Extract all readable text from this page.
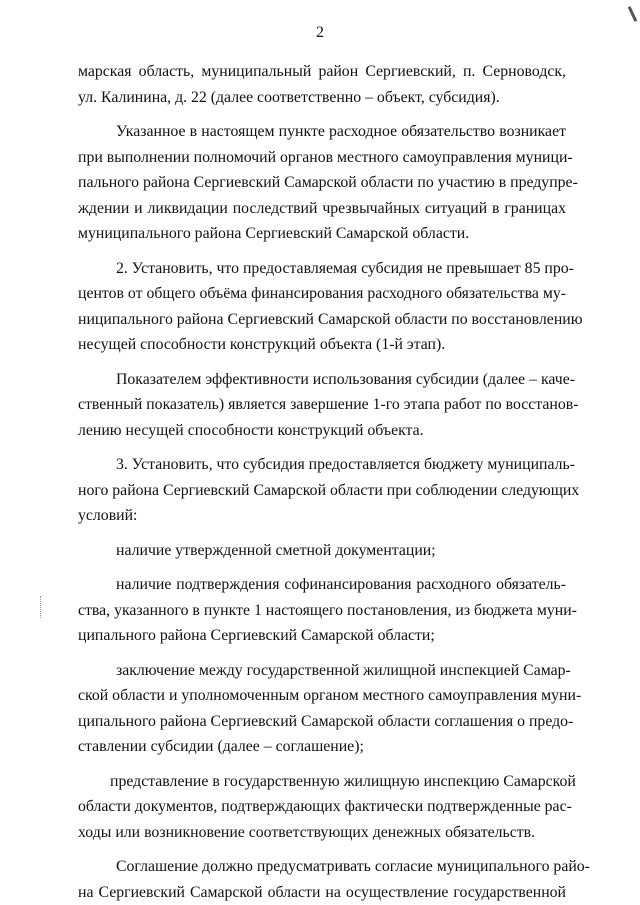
2
марская область, муниципальный район Сергиевский, п. Серноводск,
ул. Калинина, д. 22 (далее соответственно – объект, субсидия).
Указанное в настоящем пункте расходное обязательство возникает
при выполнении полномочий органов местного самоуправления муници-
пального района Сергиевский Самарской области по участию в предупре-
ждении и ликвидации последствий чрезвычайных ситуаций в границах
муниципального района Сергиевский Самарской области.
2. Установить, что предоставляемая субсидия не превышает 85 про-
центов от общего объёма финансирования расходного обязательства му-
ниципального района Сергиевский Самарской области по восстановлению
несущей способности конструкций объекта (1-й этап).
Показателем эффективности использования субсидии (далее – каче-
ственный показатель) является завершение 1-го этапа работ по восстанов-
лению несущей способности конструкций объекта.
3. Установить, что субсидия предоставляется бюджету муниципаль-
ного района Сергиевский Самарской области при соблюдении следующих
условий:
наличие утвержденной сметной документации;
наличие подтверждения софинансирования расходного обязатель-
ства, указанного в пункте 1 настоящего постановления, из бюджета муни-
ципального района Сергиевский Самарской области;
заключение между государственной жилищной инспекцией Самар-
ской области и уполномоченным органом местного самоуправления муни-
ципального района Сергиевский Самарской области соглашения о предо-
ставлении субсидии (далее – соглашение);
представление в государственную жилищную инспекцию Самарской
области документов, подтверждающих фактически подтвержденные рас-
ходы или возникновение соответствующих денежных обязательств.
Соглашение должно предусматривать согласие муниципального райо-
на Сергиевский Самарской области на осуществление государственной
